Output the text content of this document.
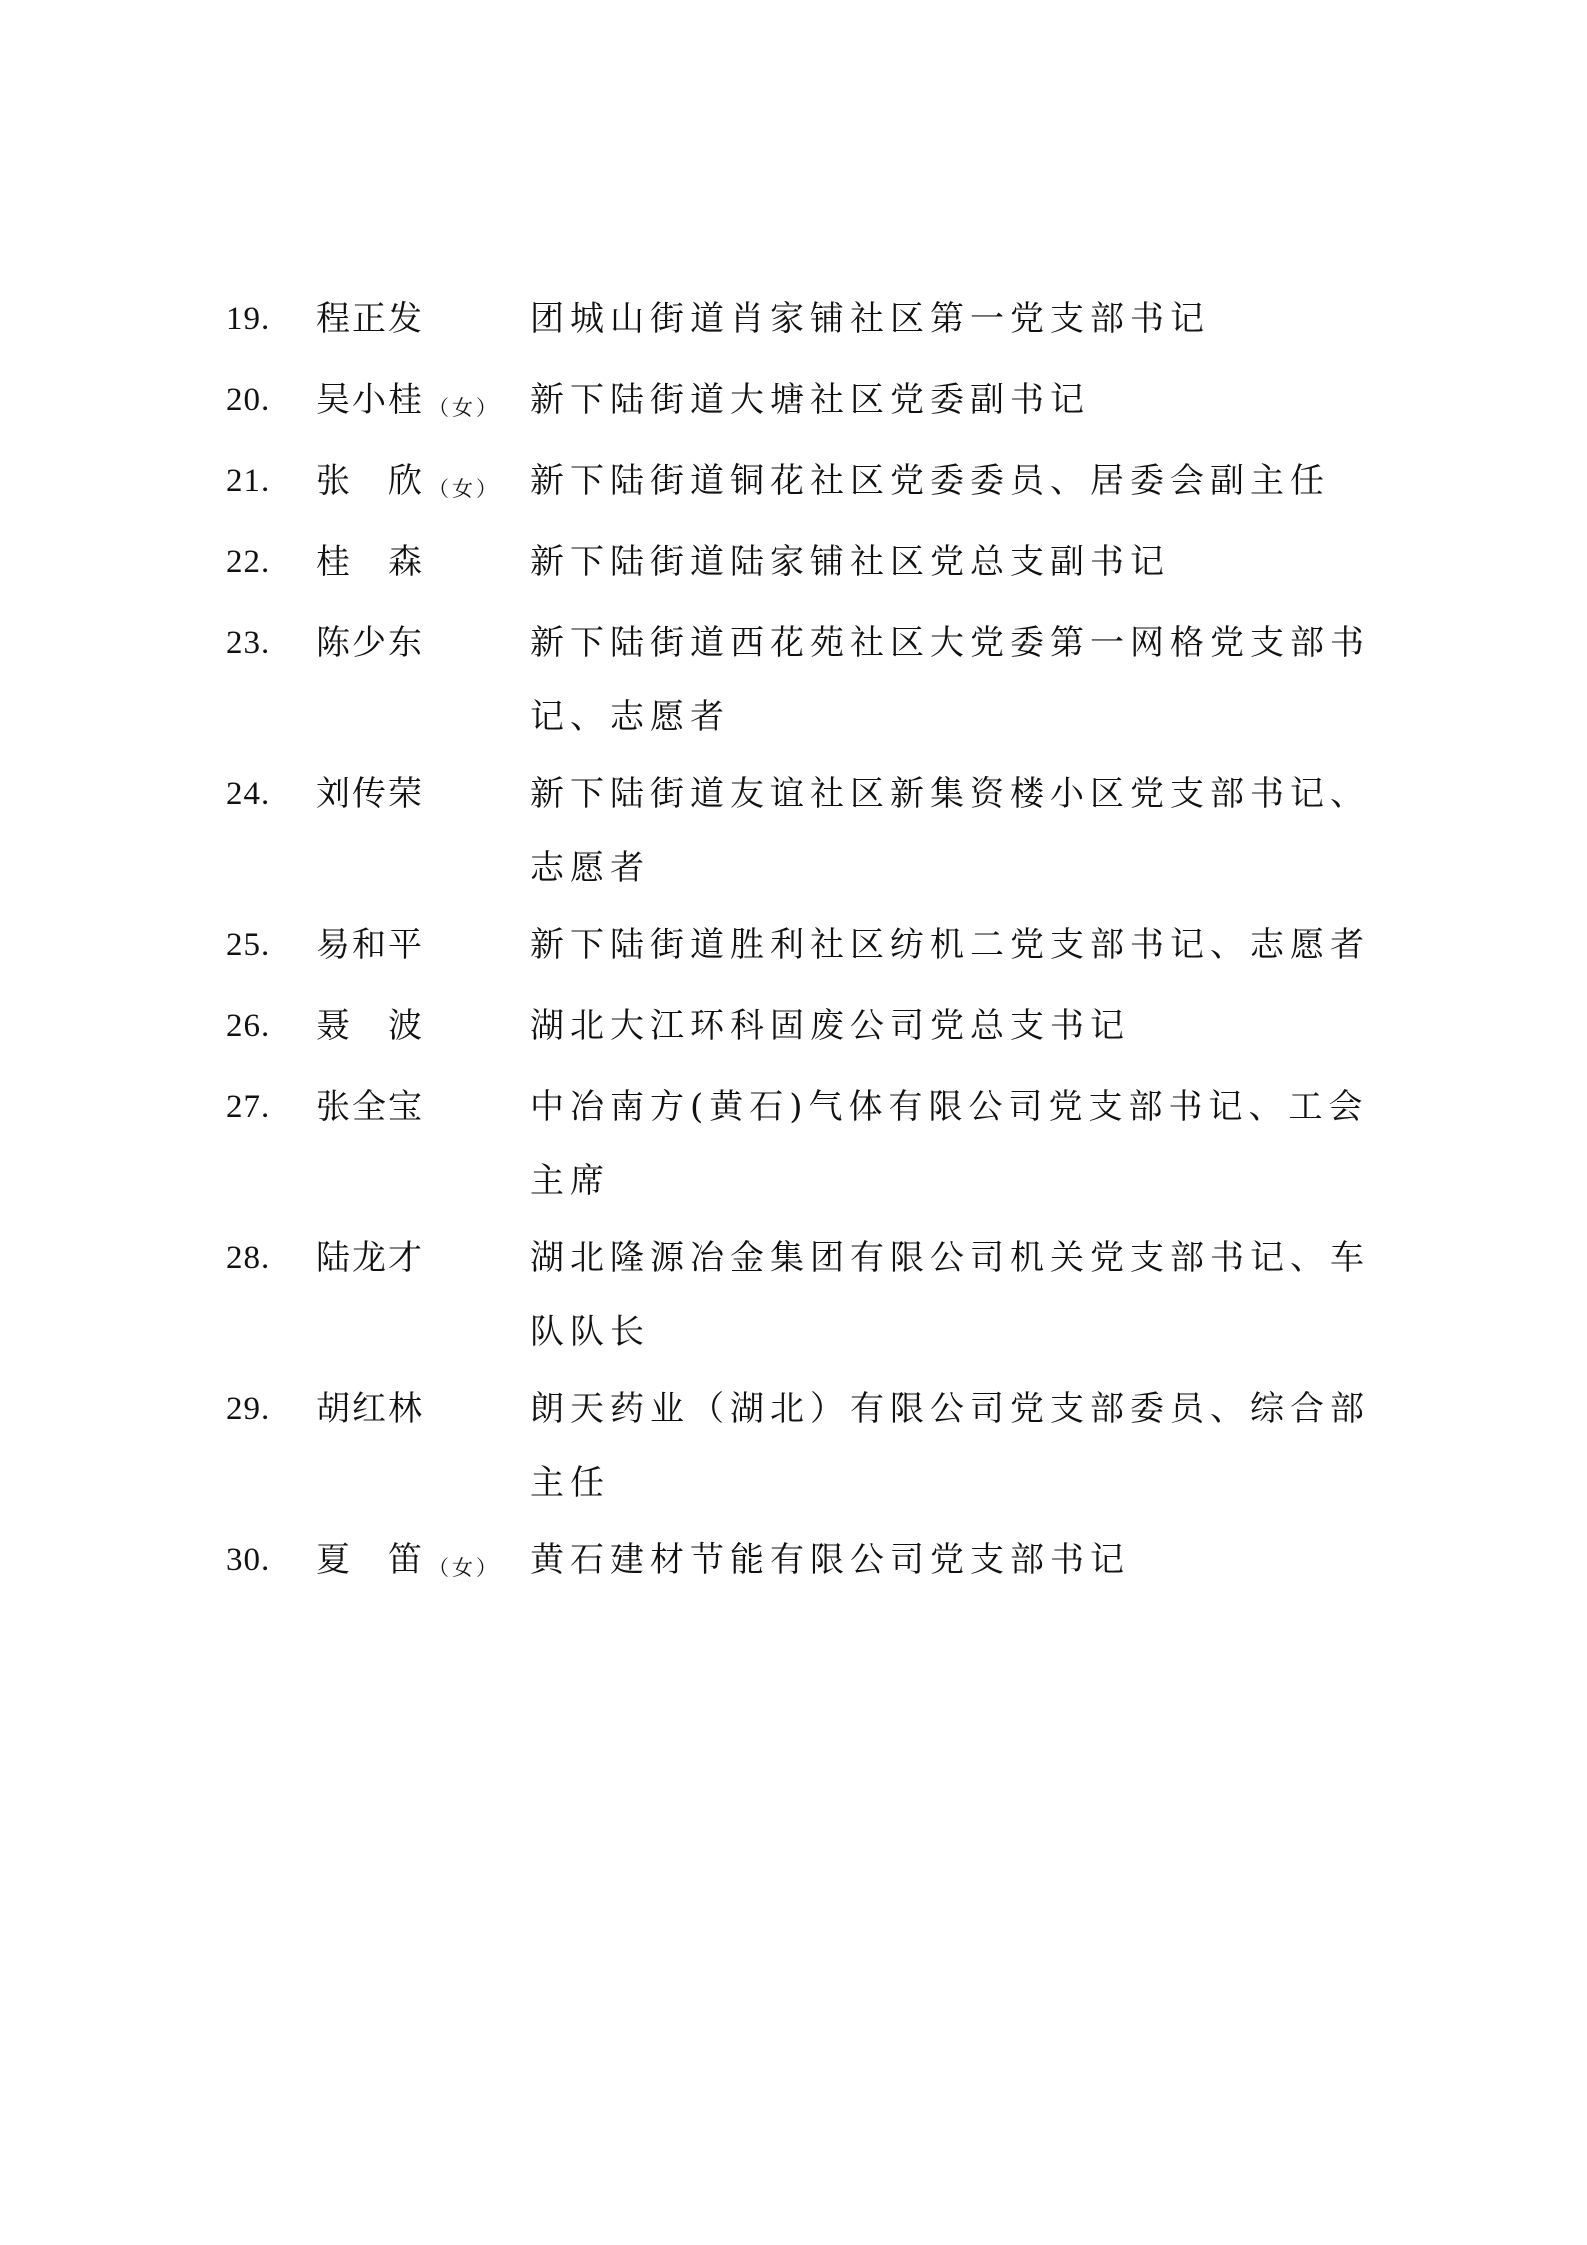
19.	程正发	团城山街道肖家铺社区第一党支部书记
20.	吴小桂 （女） 新下陆街道大塘社区党委副书记
21.	张　欣 （女） 新下陆街道铜花社区党委委员、居委会副主任
22.	桂　森	新下陆街道陆家铺社区党总支副书记
23.	陈少东	新下陆街道西花苑社区大党委第一网格党支部书记、志愿者
24.	刘传荣	新下陆街道友谊社区新集资楼小区党支部书记、志愿者
25.	易和平	新下陆街道胜利社区纺机二党支部书记、志愿者
26.	聂　波	湖北大江环科固废公司党总支书记
27.	张全宝	中冶南方(黄石)气体有限公司党支部书记、工会主席
28.	陆龙才	湖北隆源冶金集团有限公司机关党支部书记、车队队长
29.	胡红林	朗天药业（湖北）有限公司党支部委员、综合部主任
30.	夏　笛 （女） 黄石建材节能有限公司党支部书记
